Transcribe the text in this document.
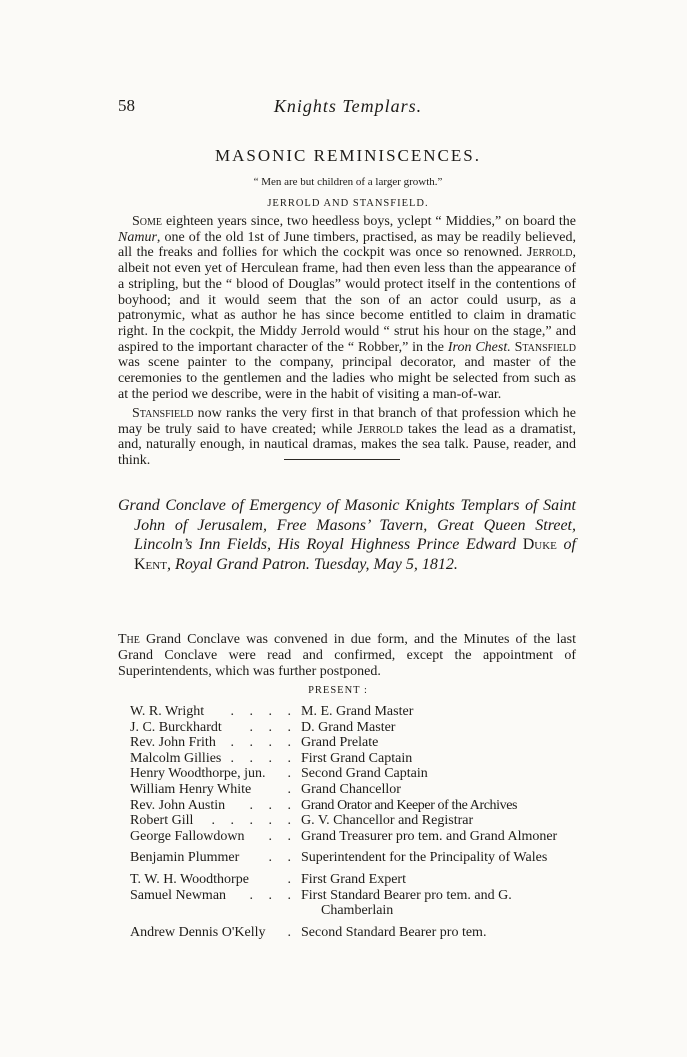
58	Knights Templars.
MASONIC REMINISCENCES.
“ Men are but children of a larger growth.”
JERROLD AND STANSFIELD.
Some eighteen years since, two heedless boys, yclept “ Middies,” on board the Namur, one of the old 1st of June timbers, practised, as may be readily believed, all the freaks and follies for which the cockpit was once so renowned. Jerrold, albeit not even yet of Herculean frame, had then even less than the appearance of a stripling, but the “ blood of Douglas” would protect itself in the contentions of boyhood; and it would seem that the son of an actor could usurp, as a patronymic, what as author he has since become entitled to claim in dramatic right. In the cockpit, the Middy Jerrold would “ strut his hour on the stage,” and aspired to the important character of the “ Robber,” in the Iron Chest. Stansfield was scene painter to the company, principal decorator, and master of the ceremonies to the gentlemen and the ladies who might be selected from such as at the period we describe, were in the habit of visiting a man-of-war.
Stansfield now ranks the very first in that branch of that profession which he may be truly said to have created; while Jerrold takes the lead as a dramatist, and, naturally enough, in nautical dramas, makes the sea talk. Pause, reader, and think.
Grand Conclave of Emergency of Masonic Knights Templars of Saint John of Jerusalem, Free Masons’ Tavern, Great Queen Street, Lincoln’s Inn Fields, His Royal Highness Prince Edward Duke of Kent, Royal Grand Patron. Tuesday, May 5, 1812.
The Grand Conclave was convened in due form, and the Minutes of the last Grand Conclave were read and confirmed, except the appointment of Superintendents, which was further postponed.
PRESENT :
W. R. Wright . . . . M. E. Grand Master
J. C. Burckhardt . . . D. Grand Master
Rev. John Frith . . . . Grand Prelate
Malcolm Gillies . . . . First Grand Captain
Henry Woodthorpe, jun. . Second Grand Captain
William Henry White	. Grand Chancellor
Rev. John Austin . . . Grand Orator and Keeper of the Archives
Robert Gill . . . . . G. V. Chancellor and Registrar
George Fallowdown . . Grand Treasurer pro tem. and Grand Almoner
Benjamin Plummer . . Superintendent for the Principality of Wales
T. W. H. Woodthorpe	. First Grand Expert
Samuel Newman . . . First Standard Bearer pro tem. and G. Chamberlain
Andrew Dennis O'Kelly . Second Standard Bearer pro tem.
